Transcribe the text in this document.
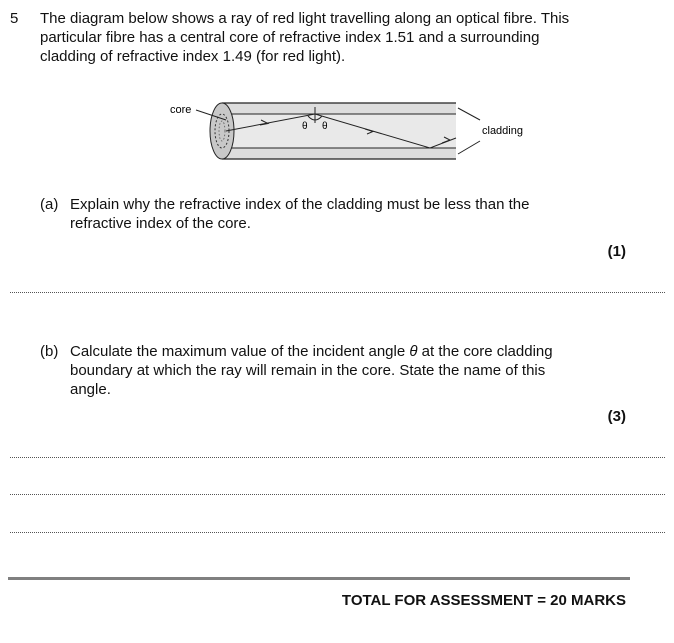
5 The diagram below shows a ray of red light travelling along an optical fibre. This
particular fibre has a central core of refractive index 1.51 and a surrounding
cladding of refractive index 1.49 (for red light).
θ θ
core
cladding
(a) Explain why the refractive index of the cladding must be less than the
refractive index of the core.
(1)
(b) Calculate the maximum value of the incident angle θ at the core cladding
boundary at which the ray will remain in the core. State the name of this
angle.
(3)
TOTAL FOR ASSESSMENT = 20 MARKS
